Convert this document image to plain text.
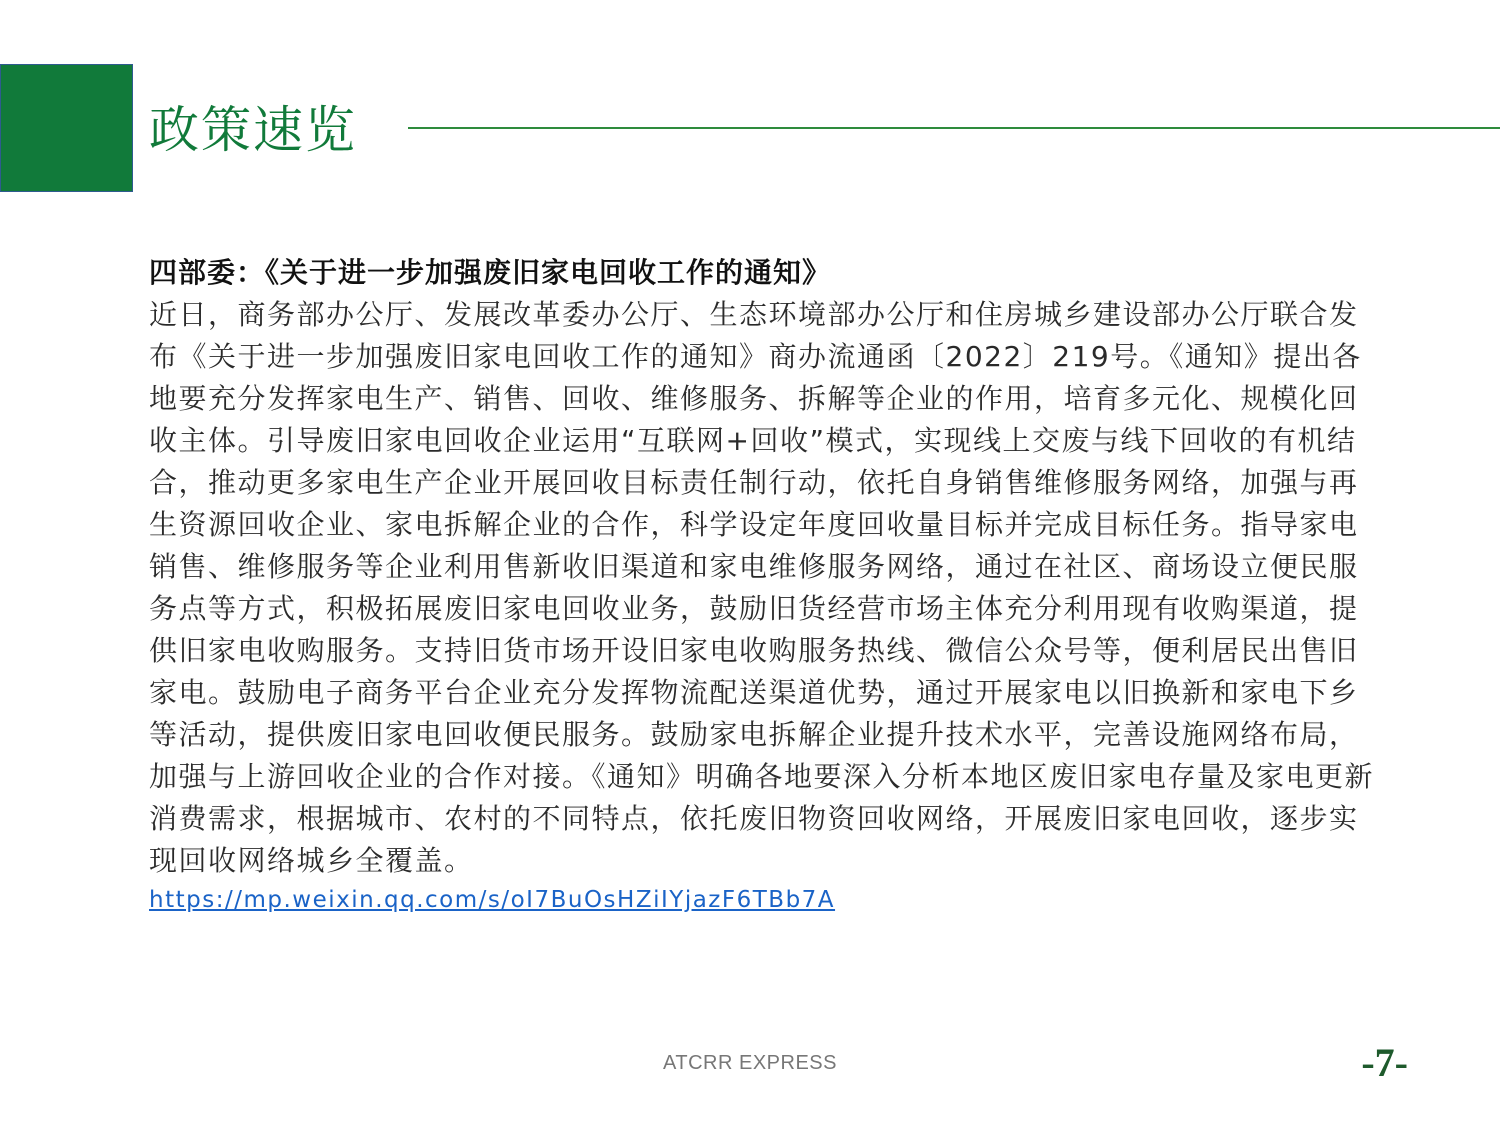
政策速览
四部委：《关于进一步加强废旧家电回收工作的通知》

近日，商务部办公厅、发展改革委办公厅、生态环境部办公厅和住房城乡建设部办公厅联合发布《关于进一步加强废旧家电回收工作的通知》商办流通函〔2022〕219号。《通知》提出各地要充分发挥家电生产、销售、回收、维修服务、拆解等企业的作用，培育多元化、规模化回收主体。引导废旧家电回收企业运用“互联网+回收”模式，实现线上交废与线下回收的有机结合，推动更多家电生产企业开展回收目标责任制行动，依托自身销售维修服务网络，加强与再生资源回收企业、家电拆解企业的合作，科学设定年度回收量目标并完成目标任务。指导家电销售、维修服务等企业利用售新收旧渠道和家电维修服务网络，通过在社区、商场设立便民服务点等方式，积极拓展废旧家电回收业务，鼓励旧货经营市场主体充分利用现有收购渠道，提供旧家电收购服务。支持旧货市场开设旧家电收购服务热线、微信公众号等，便利居民出售旧家电。鼓励电子商务平台企业充分发挥物流配送渠道优势，通过开展家电以旧换新和家电下乡等活动，提供废旧家电回收便民服务。鼓励家电拆解企业提升技术水平，完善设施网络布局，加强与上游回收企业的合作对接。《通知》明确各地要深入分析本地区废旧家电存量及家电更新消费需求，根据城市、农村的不同特点，依托废旧物资回收网络，开展废旧家电回收，逐步实现回收网络城乡全覆盖。

https://mp.weixin.qq.com/s/oI7BuOsHZiIYjazF6TBb7A
ATCRR EXPRESS	-7-
